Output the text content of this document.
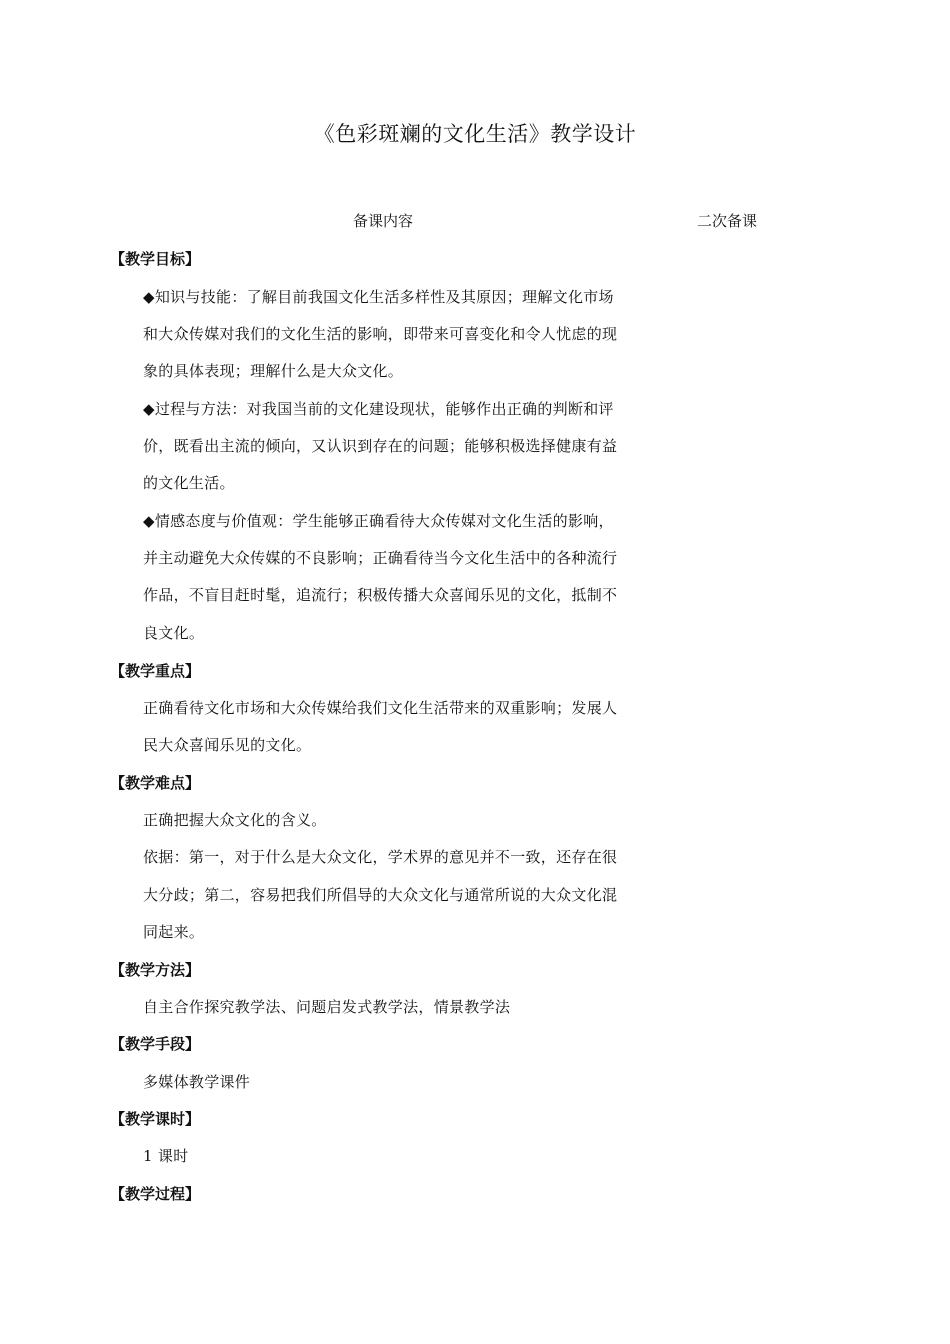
《色彩斑斓的文化生活》教学设计
备课内容	二次备课
【教学目标】
◆知识与技能：了解目前我国文化生活多样性及其原因；理解文化市场
和大众传媒对我们的文化生活的影响，即带来可喜变化和令人忧虑的现
象的具体表现；理解什么是大众文化。
◆过程与方法：对我国当前的文化建设现状，能够作出正确的判断和评
价，既看出主流的倾向，又认识到存在的问题；能够积极选择健康有益
的文化生活。
◆情感态度与价值观：学生能够正确看待大众传媒对文化生活的影响，
并主动避免大众传媒的不良影响；正确看待当今文化生活中的各种流行
作品，不盲目赶时髦，追流行；积极传播大众喜闻乐见的文化，抵制不
良文化。
【教学重点】
正确看待文化市场和大众传媒给我们文化生活带来的双重影响；发展人
民大众喜闻乐见的文化。
【教学难点】
正确把握大众文化的含义。
依据：第一，对于什么是大众文化，学术界的意见并不一致，还存在很
大分歧；第二，容易把我们所倡导的大众文化与通常所说的大众文化混
同起来。
【教学方法】
自主合作探究教学法、问题启发式教学法，情景教学法
【教学手段】
多媒体教学课件
【教学课时】
1 课时
【教学过程】
